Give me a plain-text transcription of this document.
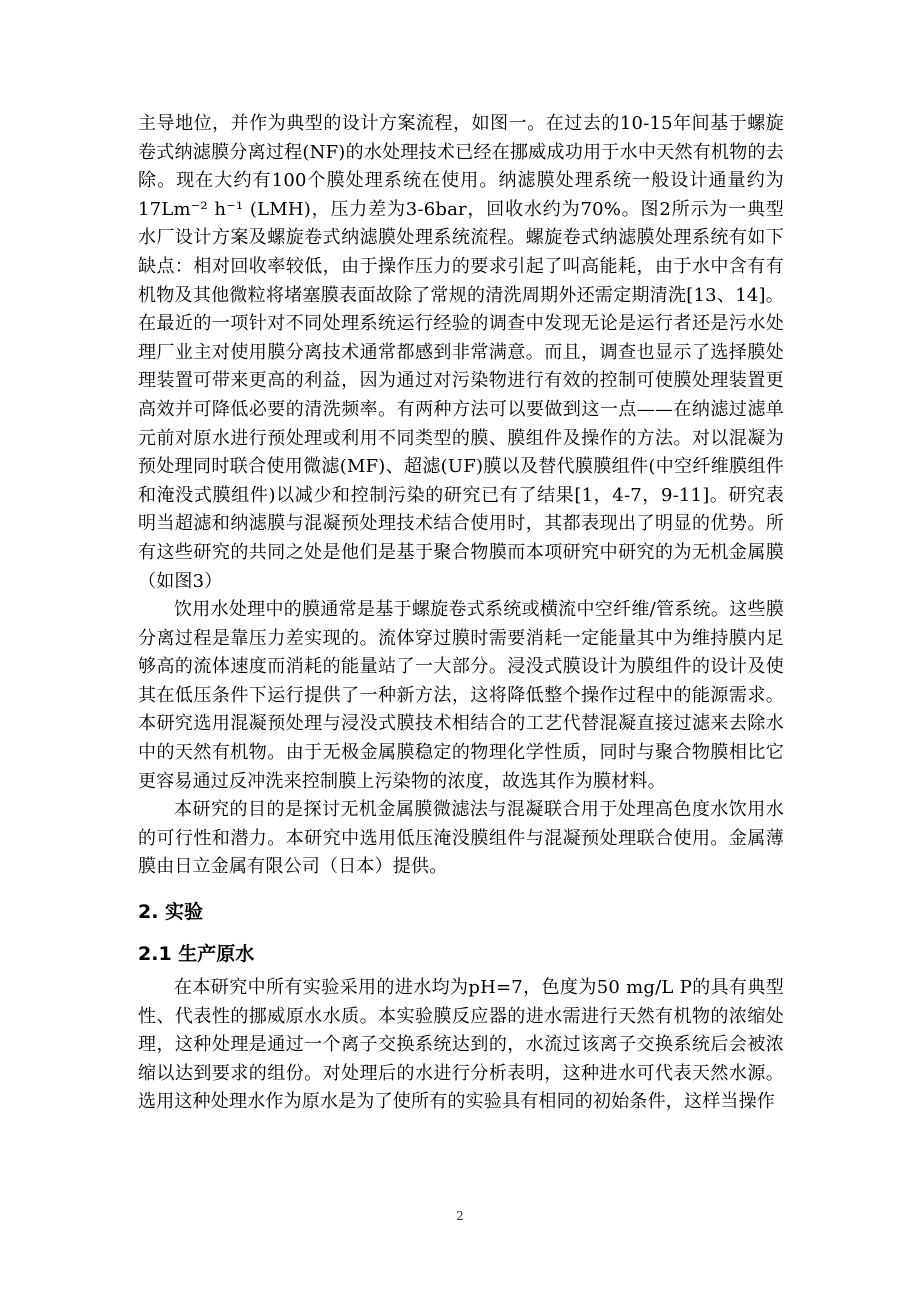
主导地位，并作为典型的设计方案流程，如图一。在过去的10-15年间基于螺旋卷式纳滤膜分离过程(NF)的水处理技术已经在挪威成功用于水中天然有机物的去除。现在大约有100个膜处理系统在使用。纳滤膜处理系统一般设计通量约为17Lm⁻² h⁻¹ (LMH)，压力差为3-6bar，回收水约为70%。图2所示为一典型水厂设计方案及螺旋卷式纳滤膜处理系统流程。螺旋卷式纳滤膜处理系统有如下缺点：相对回收率较低，由于操作压力的要求引起了叫高能耗，由于水中含有有机物及其他微粒将堵塞膜表面故除了常规的清洗周期外还需定期清洗[13、14]。在最近的一项针对不同处理系统运行经验的调查中发现无论是运行者还是污水处理厂业主对使用膜分离技术通常都感到非常满意。而且，调查也显示了选择膜处理装置可带来更高的利益，因为通过对污染物进行有效的控制可使膜处理装置更高效并可降低必要的清洗频率。有两种方法可以要做到这一点——在纳滤过滤单元前对原水进行预处理或利用不同类型的膜、膜组件及操作的方法。对以混凝为预处理同时联合使用微滤(MF)、超滤(UF)膜以及替代膜膜组件(中空纤维膜组件和淹没式膜组件)以减少和控制污染的研究已有了结果[1，4-7，9-11]。研究表明当超滤和纳滤膜与混凝预处理技术结合使用时，其都表现出了明显的优势。所有这些研究的共同之处是他们是基于聚合物膜而本项研究中研究的为无机金属膜（如图3）

饮用水处理中的膜通常是基于螺旋卷式系统或横流中空纤维/管系统。这些膜分离过程是靠压力差实现的。流体穿过膜时需要消耗一定能量其中为维持膜内足够高的流体速度而消耗的能量站了一大部分。浸没式膜设计为膜组件的设计及使其在低压条件下运行提供了一种新方法，这将降低整个操作过程中的能源需求。本研究选用混凝预处理与浸没式膜技术相结合的工艺代替混凝直接过滤来去除水中的天然有机物。由于无极金属膜稳定的物理化学性质，同时与聚合物膜相比它更容易通过反冲洗来控制膜上污染物的浓度，故选其作为膜材料。

本研究的目的是探讨无机金属膜微滤法与混凝联合用于处理高色度水饮用水的可行性和潜力。本研究中选用低压淹没膜组件与混凝预处理联合使用。金属薄膜由日立金属有限公司（日本）提供。

2. 实验
2.1 生产原水

在本研究中所有实验采用的进水均为pH=7，色度为50 mg/L P的具有典型性、代表性的挪威原水水质。本实验膜反应器的进水需进行天然有机物的浓缩处理，这种处理是通过一个离子交换系统达到的，水流过该离子交换系统后会被浓缩以达到要求的组份。对处理后的水进行分析表明，这种进水可代表天然水源。选用这种处理水作为原水是为了使所有的实验具有相同的初始条件，这样当操作

2
